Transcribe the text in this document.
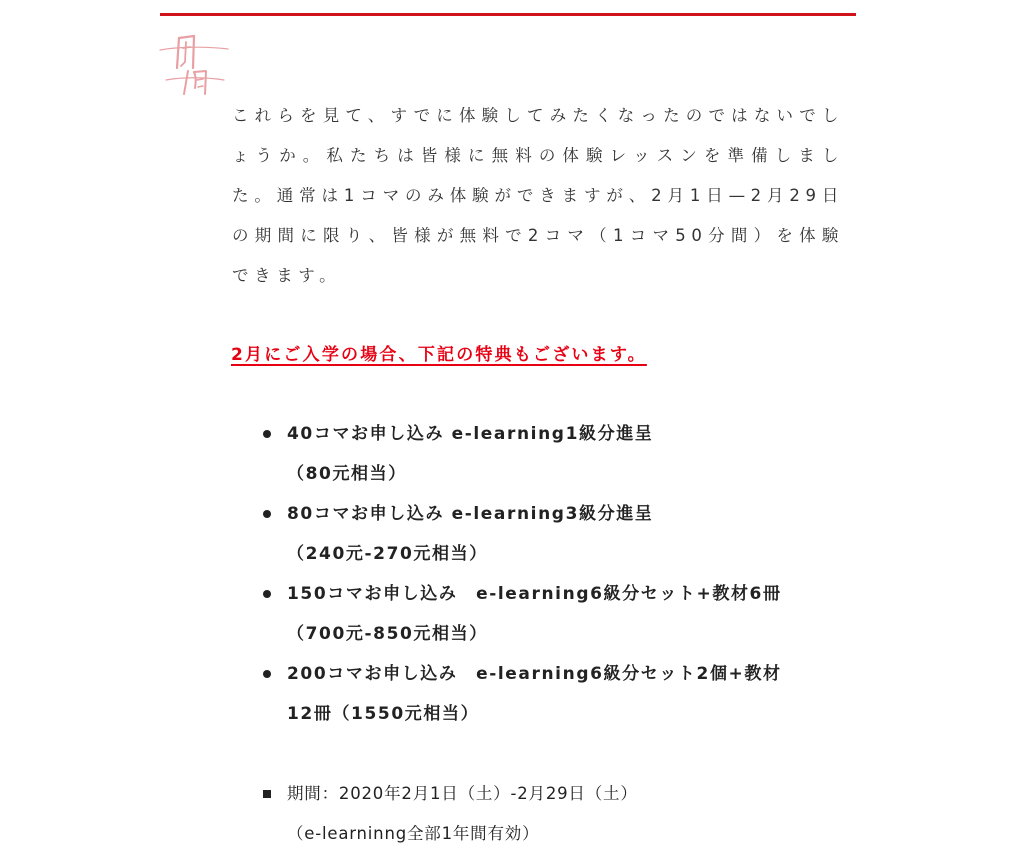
これらを見て、すでに体験してみたくなったのではないでしょうか。私たちは皆様に無料の体験レッスンを準備しました。通常は1コマのみ体験ができますが、2月1日—2月29日の期間に限り、皆様が無料で2コマ（1コマ50分間）を体験できます。

2月にご入学の場合、下記の特典もございます。

40コマお申し込み e-learning1級分進呈
（80元相当）
80コマお申し込み e-learning3級分進呈
（240元-270元相当）
150コマお申し込み　e-learning6級分セット+教材6冊
（700元-850元相当）
200コマお申し込み　e-learning6級分セット2個+教材
12冊（1550元相当）
期間：2020年2月1日（土）-2月29日（土）
（e-learninng全部1年間有効）
